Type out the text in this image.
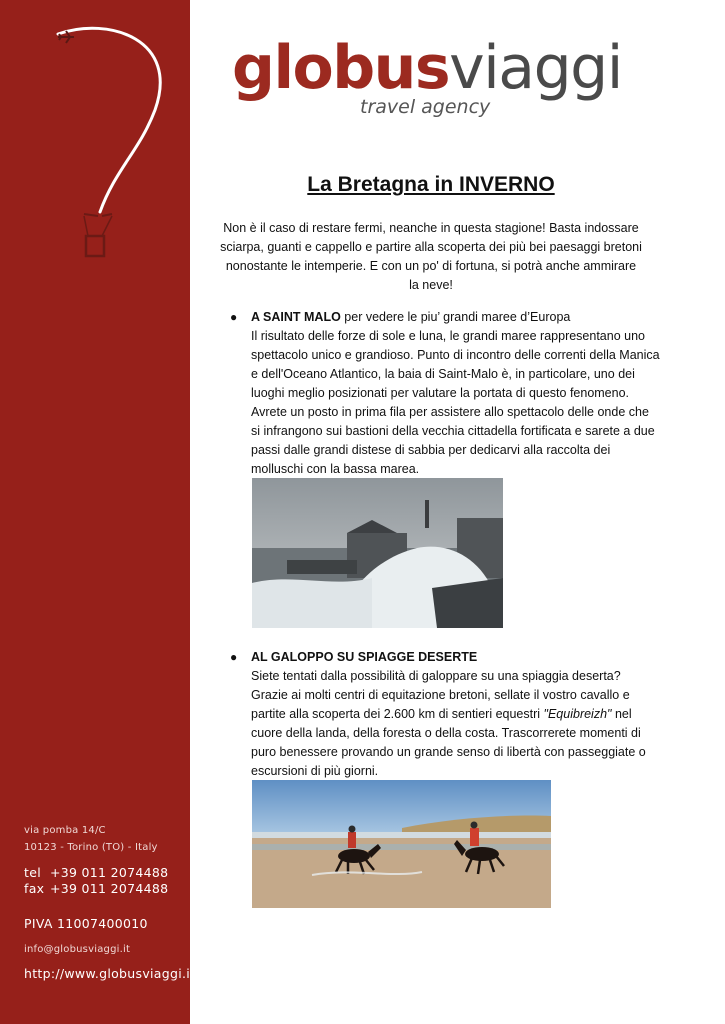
via pomba 14/C
10123 - Torino (TO) - Italy
tel +39 011 2074488
fax +39 011 2074488
PIVA 11007400010
info@globusviaggi.it
http://www.globusviaggi.it
globusviaggi
travel agency
La Bretagna in INVERNO
Non è il caso di restare fermi, neanche in questa stagione! Basta indossare sciarpa, guanti e cappello e partire alla scoperta dei più bei paesaggi bretoni nonostante le intemperie. E con un po' di fortuna, si potrà anche ammirare la neve!
● A SAINT MALO per vedere le piu’ grandi maree d’Europa
Il risultato delle forze di sole e luna, le grandi maree rappresentano uno spettacolo unico e grandioso. Punto di incontro delle correnti della Manica e dell'Oceano Atlantico, la baia di Saint-Malo è, in particolare, uno dei luoghi meglio posizionati per valutare la portata di questo fenomeno. Avrete un posto in prima fila per assistere allo spettacolo delle onde che si infrangono sui bastioni della vecchia cittadella fortificata e sarete a due passi dalle grandi distese di sabbia per dedicarvi alla raccolta dei molluschi con la bassa marea.
● AL GALOPPO SU SPIAGGE DESERTE
Siete tentati dalla possibilità di galoppare su una spiaggia deserta? Grazie ai molti centri di equitazione bretoni, sellate il vostro cavallo e partite alla scoperta dei 2.600 km di sentieri equestri "Equibreizh" nel cuore della landa, della foresta o della costa. Trascorrerete momenti di puro benessere provando un grande senso di libertà con passeggiate o escursioni di più giorni.
